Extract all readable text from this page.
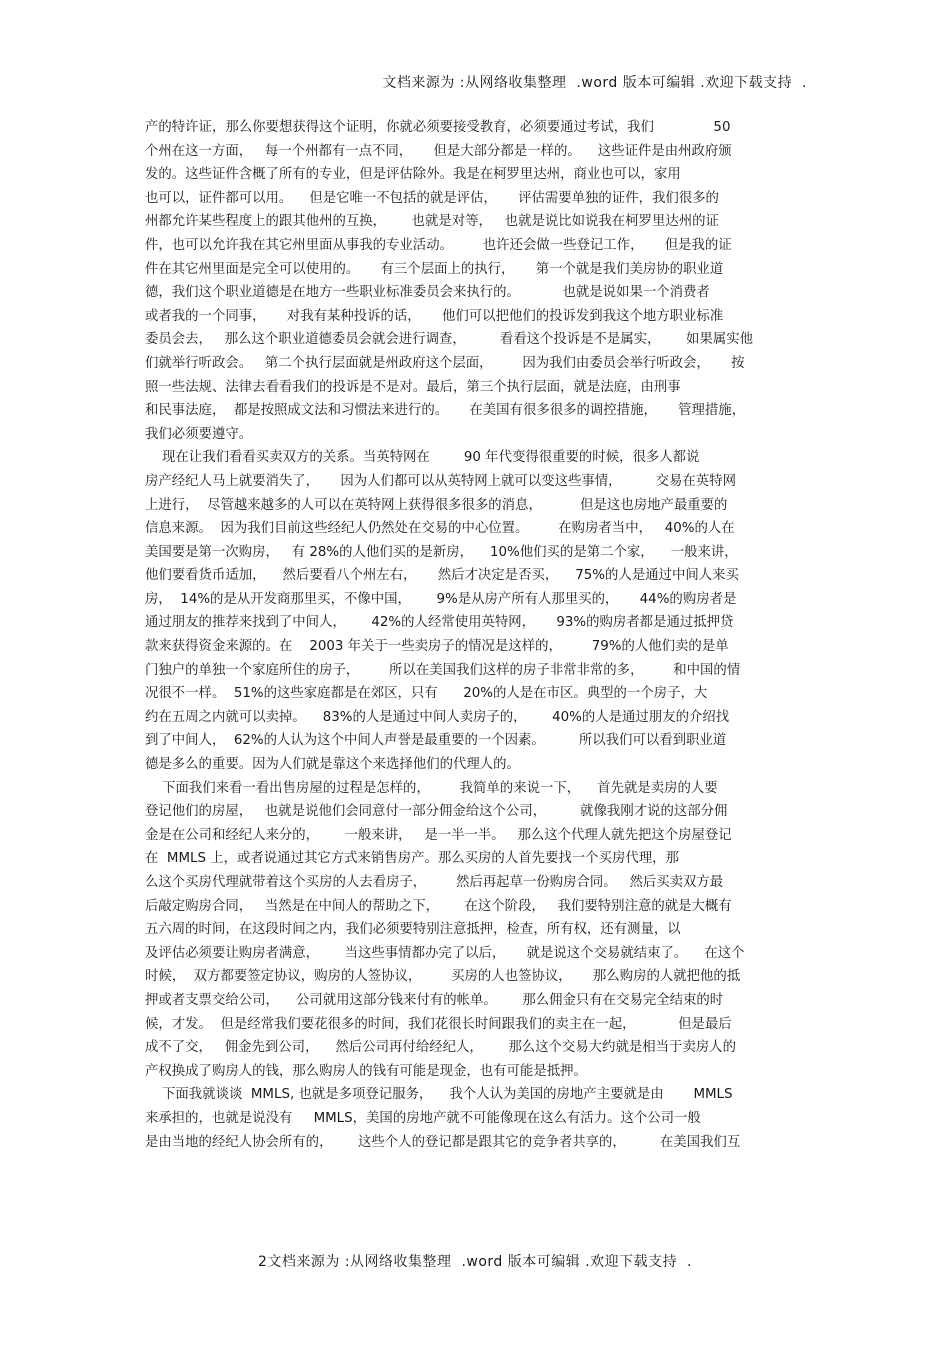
文档来源为 :从网络收集整理  .word 版本可编辑 .欢迎下载支持  .
产的特许证，那么你要想获得这个证明，你就必须要接受教育，必须要通过考试，我们              50
个州在这一方面，   每一个州都有一点不同，     但是大部分都是一样的。    这些证件是由州政府颁
发的。这些证件含概了所有的专业，但是评估除外。我是在柯罗里达州，商业也可以，家用
也可以，证件都可以用。    但是它唯一不包括的就是评估，     评估需要单独的证件，我们很多的
州都允许某些程度上的跟其他州的互换，      也就是对等，   也就是说比如说我在柯罗里达州的证
件，也可以允许我在其它州里面从事我的专业活动。       也许还会做一些登记工作，     但是我的证
件在其它州里面是完全可以使用的。     有三个层面上的执行，     第一个就是我们美房协的职业道
德，我们这个职业道德是在地方一些职业标准委员会来执行的。          也就是说如果一个消费者
或者我的一个同事，     对我有某种投诉的话，     他们可以把他们的投诉发到我这个地方职业标准
委员会去，   那么这个职业道德委员会就会进行调查，        看看这个投诉是不是属实，      如果属实他
们就举行听政会。   第二个执行层面就是州政府这个层面，       因为我们由委员会举行听政会，     按
照一些法规、法律去看看我们的投诉是不是对。最后，第三个执行层面，就是法庭，由刑事
和民事法庭，  都是按照成文法和习惯法来进行的。     在美国有很多很多的调控措施，     管理措施，
我们必须要遵守。
现在让我们看看买卖双方的关系。当英特网在        90 年代变得很重要的时候，很多人都说
房产经纪人马上就要消失了，     因为人们都可以从英特网上就可以变这些事情，        交易在英特网
上进行，  尽管越来越多的人可以在英特网上获得很多很多的消息，         但是这也房地产最重要的
信息来源。  因为我们目前这些经纪人仍然处在交易的中心位置。       在购房者当中，   40%的人在
美国要是第一次购房，   有 28%的人他们买的是新房，    10%他们买的是第二个家，    一般来讲，
他们要看货币适加，    然后要看八个州左右，     然后才决定是否买，    75%的人是通过中间人来买
房，  14%的是从开发商那里买，不像中国，      9%是从房产所有人那里买的，     44%的购房者是
通过朋友的推荐来找到了中间人，      42%的人经常使用英特网，     93%的购房者都是通过抵押贷
款来获得资金来源的。在    2003 年关于一些卖房子的情况是这样的，       79%的人他们卖的是单
门独户的单独一个家庭所住的房子，       所以在美国我们这样的房子非常非常的多，       和中国的情
况很不一样。  51%的这些家庭都是在郊区，只有      20%的人是在市区。典型的一个房子，大
约在五周之内就可以卖掉。    83%的人是通过中间人卖房子的，      40%的人是通过朋友的介绍找
到了中间人，  62%的人认为这个中间人声誉是最重要的一个因素。        所以我们可以看到职业道
德是多么的重要。因为人们就是靠这个来选择他们的代理人的。
下面我们来看一看出售房屋的过程是怎样的，       我简单的来说一下，    首先就是卖房的人要
登记他们的房屋，   也就是说他们会同意付一部分佣金给这个公司，        就像我刚才说的这部分佣
金是在公司和经纪人来分的，      一般来讲，   是一半一半。   那么这个代理人就先把这个房屋登记
在  MMLS 上，或者说通过其它方式来销售房产。那么买房的人首先要找一个买房代理，那
么这个买房代理就带着这个买房的人去看房子，       然后再起草一份购房合同。   然后买卖双方最
后敲定购房合同，   当然是在中间人的帮助之下，      在这个阶段，   我们要特别注意的就是大概有
五六周的时间，在这段时间之内，我们必须要特别注意抵押，检查，所有权，还有测量，以
及评估必须要让购房者满意，      当这些事情都办完了以后，     就是说这个交易就结束了。    在这个
时候，  双方都要签定协议，购房的人签协议，       买房的人也签协议，     那么购房的人就把他的抵
押或者支票交给公司，    公司就用这部分钱来付有的帐单。      那么佣金只有在交易完全结束的时
候，才发。  但是经常我们要花很多的时间，我们花很长时间跟我们的卖主在一起，          但是最后
成不了交，   佣金先到公司，    然后公司再付给经纪人，      那么这个交易大约就是相当于卖房人的
产权换成了购房人的钱，那么购房人的钱有可能是现金，也有可能是抵押。
下面我就谈谈  MMLS, 也就是多项登记服务，    我个人认为美国的房地产主要就是由       MMLS
来承担的，也就是说没有     MMLS，美国的房地产就不可能像现在这么有活力。这个公司一般
是由当地的经纪人协会所有的，      这些个人的登记都是跟其它的竞争者共享的，        在美国我们互
2文档来源为 :从网络收集整理  .word 版本可编辑 .欢迎下载支持  .
